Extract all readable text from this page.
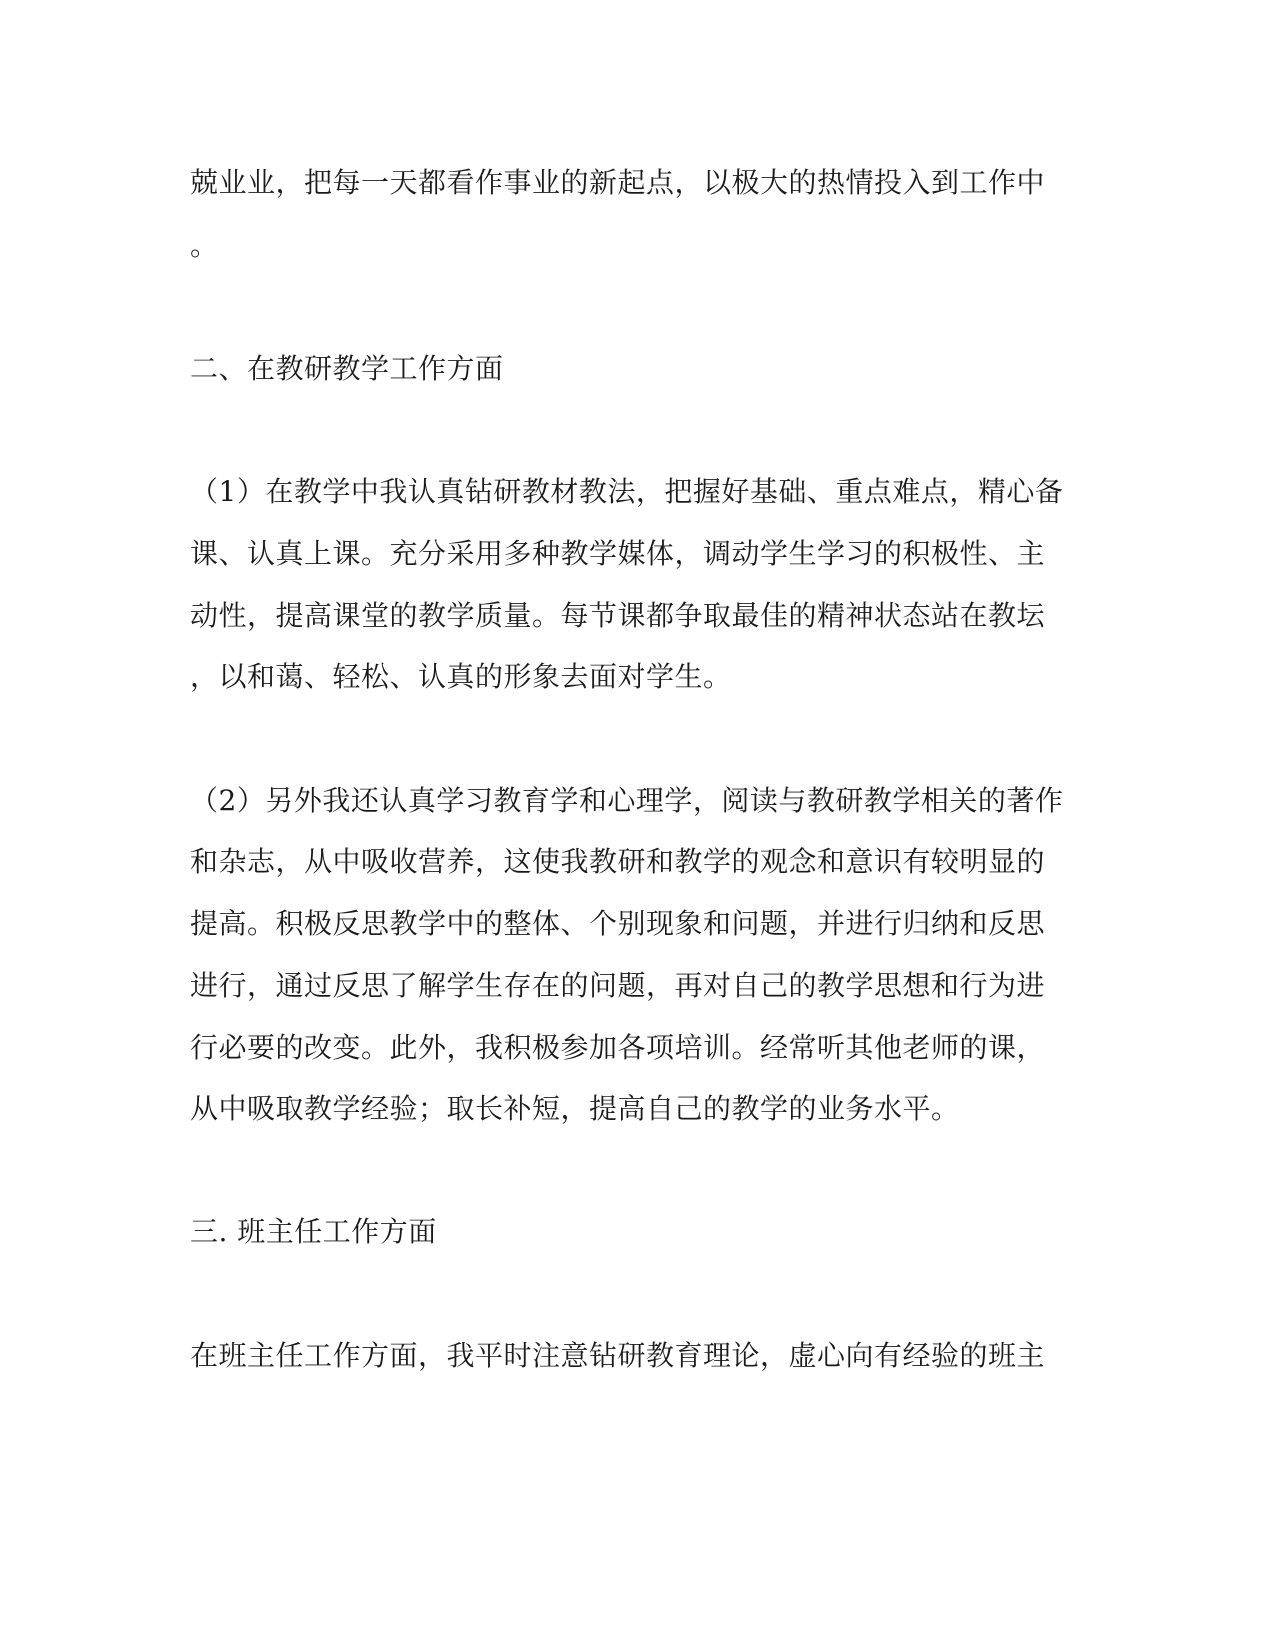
兢业业，把每一天都看作事业的新起点，以极大的热情投入到工作中
。
二、在教研教学工作方面
（1）在教学中我认真钻研教材教法，把握好基础、重点难点，精心备
课、认真上课。充分采用多种教学媒体，调动学生学习的积极性、主
动性，提高课堂的教学质量。每节课都争取最佳的精神状态站在教坛
，以和蔼、轻松、认真的形象去面对学生。
（2）另外我还认真学习教育学和心理学，阅读与教研教学相关的著作
和杂志，从中吸收营养，这使我教研和教学的观念和意识有较明显的
提高。积极反思教学中的整体、个别现象和问题，并进行归纳和反思
进行，通过反思了解学生存在的问题，再对自己的教学思想和行为进
行必要的改变。此外，我积极参加各项培训。经常听其他老师的课，
从中吸取教学经验；取长补短，提高自己的教学的业务水平。
三. 班主任工作方面
在班主任工作方面，我平时注意钻研教育理论，虚心向有经验的班主
